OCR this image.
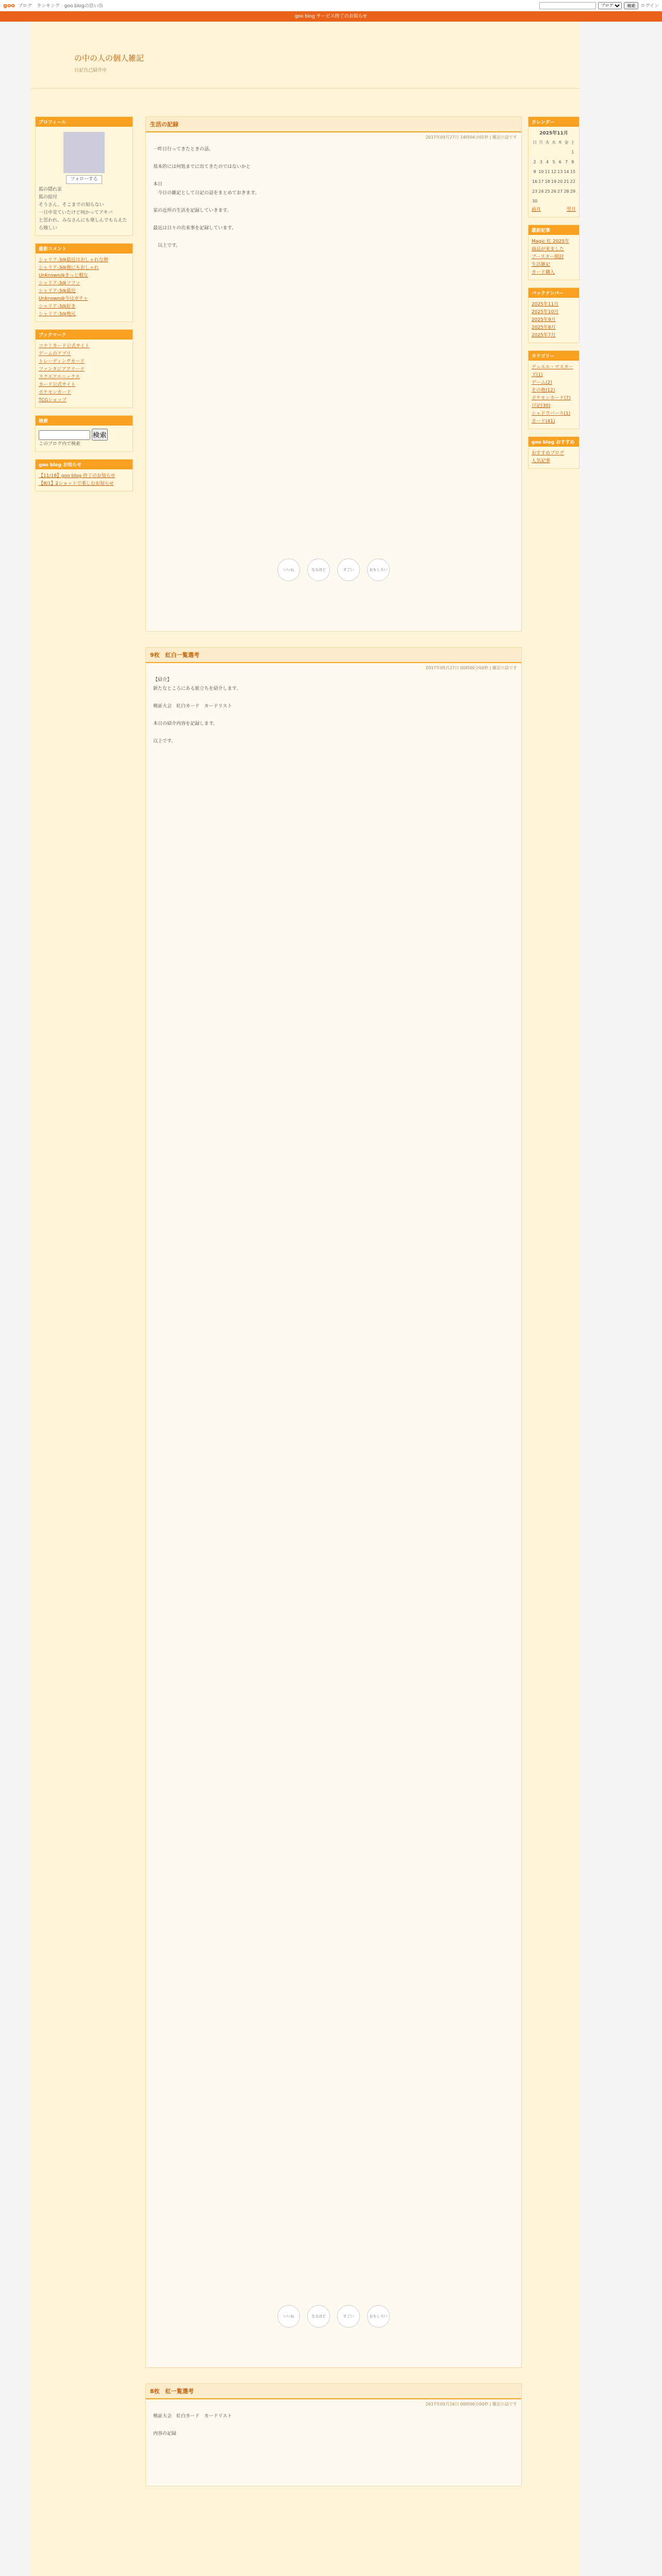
goo ブログ　ランキング　goo blogの思い出
ブログ	検索	ログイン
goo blog サービス終了のお知らせ
の中の人の個人雑記

日記自己紹介中

プロフィール
フォローする
狐の隠れ家
狐の絵付
そうさん、そこまでの知らない
一日中見ていたけど何かってアキバ
と思われ、みなさんにも楽しんでもらえたら嬉しい
最新コメント
シャリア-3@最近はおしゃれな卵
シャリア-3@他にもおしゃれ
Unknown@きっと暇な
シャリア-3@ソファ
シャリア-3@最近
Unknown@今はガチャ
シャリア-3@好き
シャリア-3@地元
ブックマーク
コナミカード公式サイト
ゲームのアプリ
トレーディングカード
ファンタジアアリーナ
スクエアエニックス
カード公式サイト
ポケモンカード
TCGショップ
検索
検索
このブログ内で検索
goo blog お知らせ
【11/18】goo blog 終了のお知らせ
【8/1】2ショットで楽しむお知らせ
生活の記録
2017年09月27日 14時04分01秒 | 雑記の話です
一昨日行ってきたときの話。

基本的には何処までに出てきたのではないかと

本日
　今日の雑記として日記の話をまとめておきます。

家の近所の生活を記録していきます。

最近は日々の出来事を記録しています。

　以上です。
いいね	なるほど	すごい	おもしろい
9枚　紅白一覧選考
2017年05月27日 00時00分00秒 | 雑記の話です
【紹介】
新たなところにある旅立ちを紹介します。

検証大会　紅白カード　カードリスト

本日の紹介内容を記録します。

以上です。
いいね	なるほど	すごい	おもしろい
8枚　紅一覧選考
2017年05月16日 00時00分00秒 | 雑記の話です
検証大会　紅白カード　カードリスト

内容の記録
カレンダー
2025年11月
日	月	火	水	木	金	土
						1
2	3	4	5	6	7	8
9	10	11	12	13	14	15
16	17	18	19	20	21	22
23	24	25	26	27	28	29
30						
前月	翌月
最新記事
Magic 紅 2025年
商品が来ました
ブースター開封
生活雑記
カード購入
バックナンバー
2025年11月
2025年10月
2025年9月
2025年8月
2025年7月
カテゴリー
デュエル・マスターズ(1)
ゲーム(2)
その他(12)
ポケモンカード(7)
日記(30)
シャドウバース(1)
カード(41)
goo blog おすすめ
おすすめブログ
人気記事
